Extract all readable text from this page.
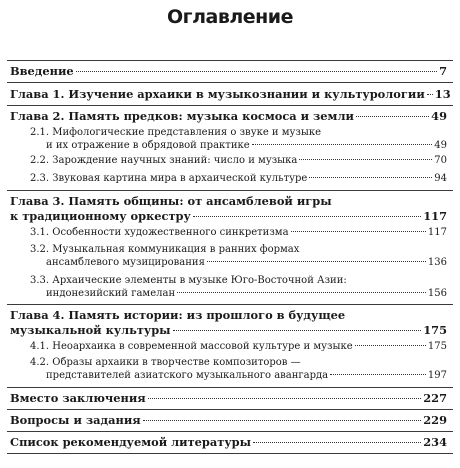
Оглавление
Введение	7
Глава 1. Изучение архаики в музыкознании и культурологии 13
Глава 2. Память предков: музыка космоса и земли	49
2.1. Мифологические представления о звуке и музыке
и их отражение в обрядовой практике	49
2.2. Зарождение научных знаний: число и музыка	70
2.3. Звуковая картина мира в архаической культуре	94
Глава 3. Память общины: от ансамблевой игры
к традиционному оркестру	117
3.1. Особенности художественного синкретизма	117
3.2. Музыкальная коммуникация в ранних формах
ансамблевого музицирования	136
3.3. Архаические элементы в музыке Юго-Восточной Азии:
индонезийский гамелан	156
Глава 4. Память истории: из прошлого в будущее
музыкальной культуры	175
4.1. Неоархаика в современной массовой культуре и музыке	175
4.2. Образы архаики в творчестве композиторов —
представителей азиатского музыкального авангарда	197
Вместо заключения	227
Вопросы и задания	229
Список рекомендуемой литературы	234
